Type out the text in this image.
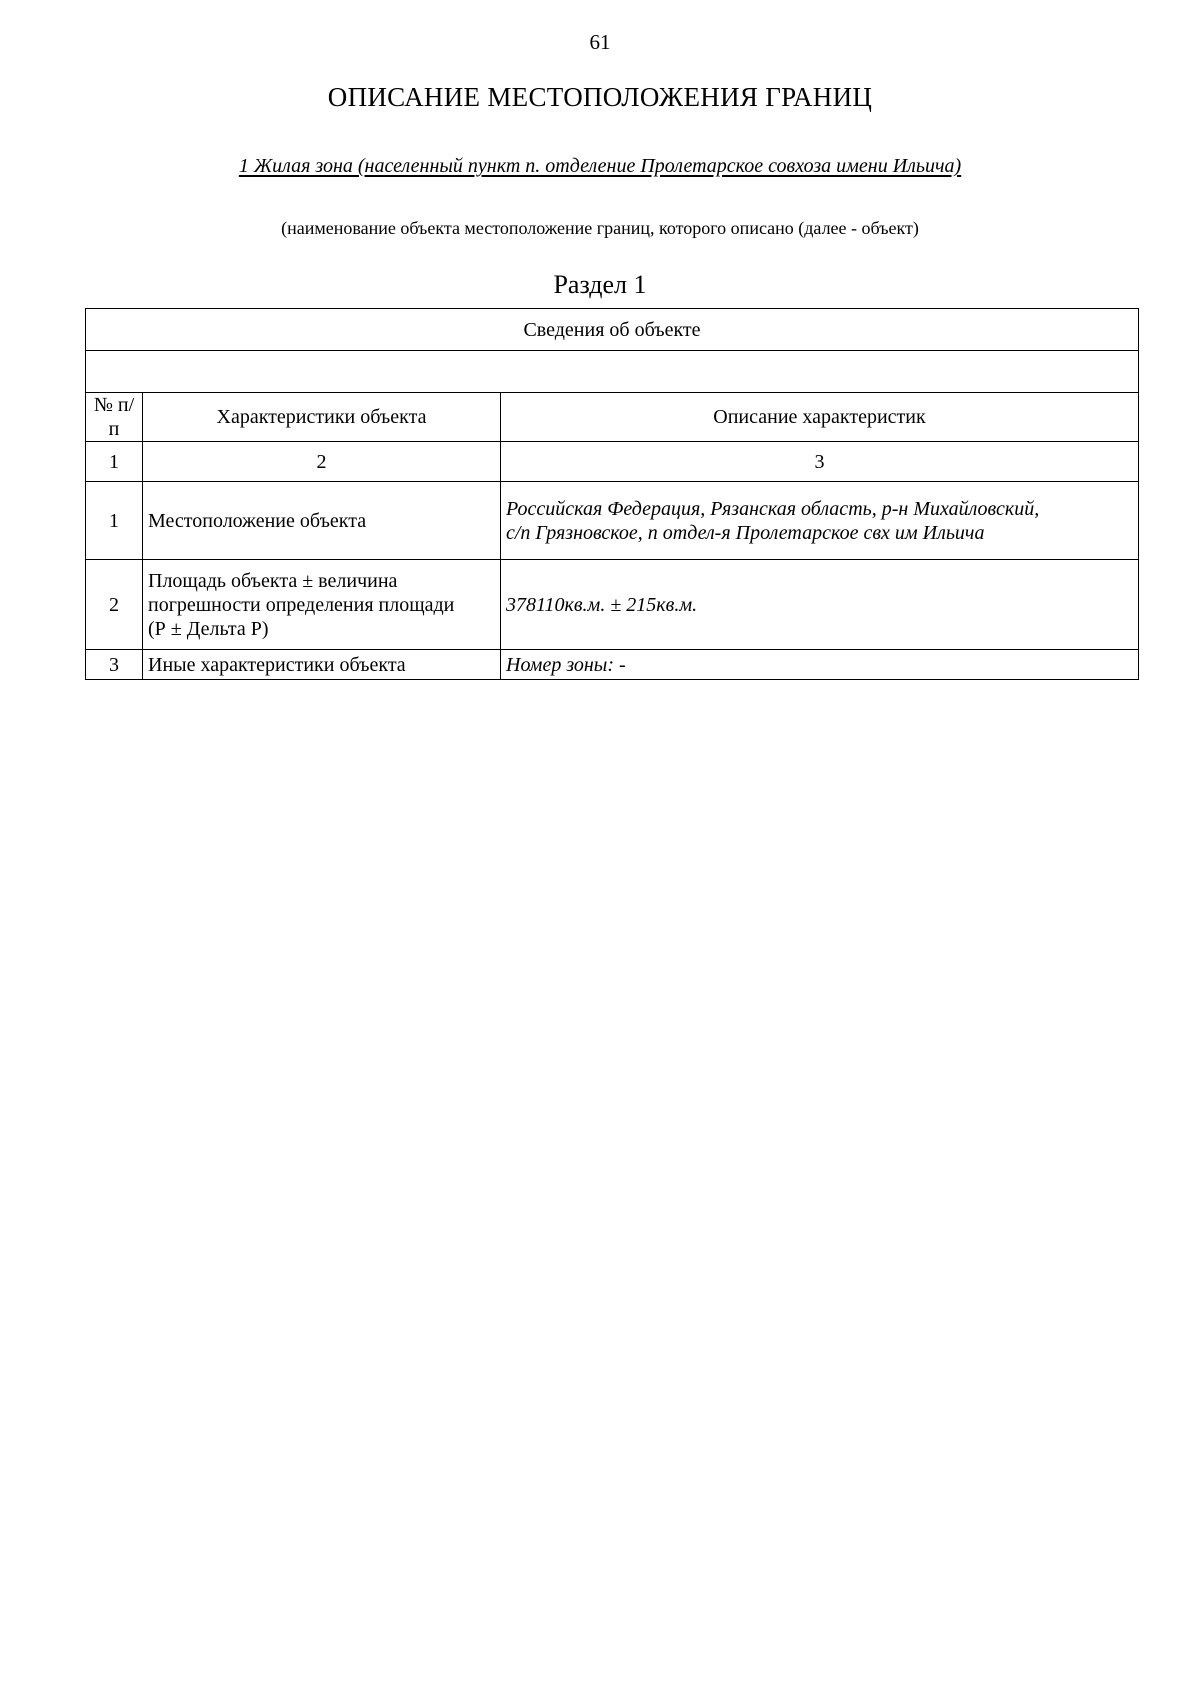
61
ОПИСАНИЕ МЕСТОПОЛОЖЕНИЯ ГРАНИЦ
1 Жилая зона (населенный пункт п. отделение Пролетарское совхоза имени Ильича)
(наименование объекта местоположение границ, которого описано (далее - объект)
Раздел 1
Сведения об объекте		

№ п/п	Характеристики объекта	Описание характеристик
1	2	3
1	Местоположение объекта	Российская Федерация, Рязанская область, р-н Михайловский,
с/п Грязновское, п отдел-я Пролетарское свх им Ильича

2	Площадь объекта ± величина
погрешности определения площади
(Р ± Дельта Р)	378110кв.м. ± 215кв.м.
3	Иные характеристики объекта	Номер зоны: -
